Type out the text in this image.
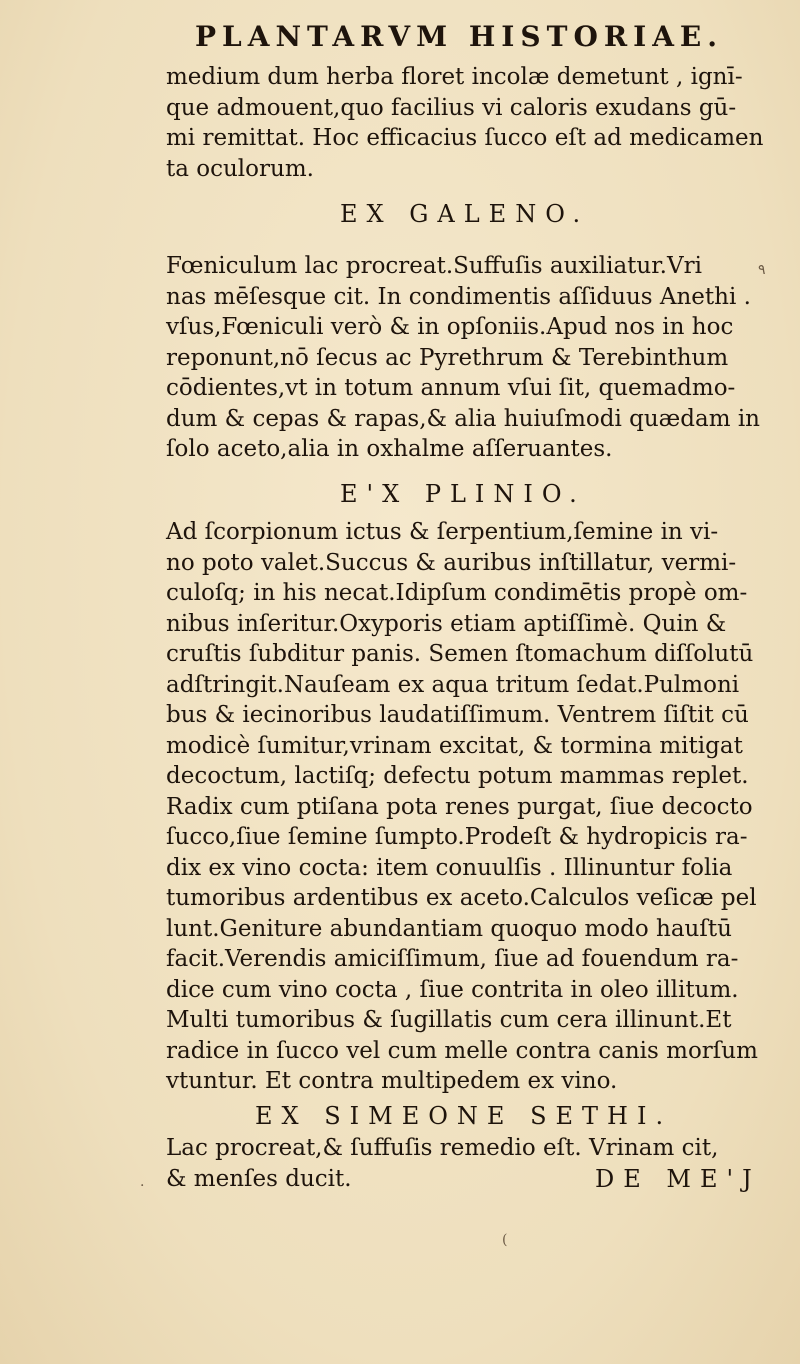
PLANTARVM HISTORIAE.
medium dum herba floret incolæ demetunt , ignī-
que admouent,quo facilius vi caloris exudans gū-
mi remittat. Hoc efficacius ſucco eſt ad medicamen
ta oculorum.
EX GALENO.
Fœniculum lac procreat.Suffuſis auxiliatur.Vri
nas mēſesque cit. In condimentis aſſiduus Anethi .
vſus,Fœniculi verò & in opſoniis.Apud nos in hoc
reponunt,nō ſecus ac Pyrethrum & Terebinthum
cōdientes,vt in totum annum vſui ſit, quemadmo-
dum & cepas & rapas,& alia huiuſmodi quædam in
ſolo aceto,alia in oxhalme aſſeruantes.
E'X PLINIO.
Ad ſcorpionum ictus & ſerpentium,ſemine in vi-
no poto valet.Succus & auribus inſtillatur, vermi-
culoſq; in his necat.Idipſum condimētis propè om-
nibus inſeritur.Oxyporis etiam aptiſſimè. Quin &
cruſtis ſubditur panis. Semen ſtomachum diſſolutū
adſtringit.Nauſeam ex aqua tritum ſedat.Pulmoni
bus & iecinoribus laudatiſſimum. Ventrem ſiſtit cū
modicè ſumitur,vrinam excitat, & tormina mitigat
decoctum, lactiſq; defectu potum mammas replet.
Radix cum ptiſana pota renes purgat, ſiue decocto
ſucco,ſiue ſemine ſumpto.Prodeſt & hydropicis ra-
dix ex vino cocta: item conuulſis . Illinuntur folia
tumoribus ardentibus ex aceto.Calculos veſicæ pel
lunt.Geniture abundantiam quoquo modo hauſtū
facit.Verendis amiciſſimum, ſiue ad fouendum ra-
dice cum vino cocta , ſiue contrita in oleo illitum.
Multi tumoribus & ſugillatis cum cera illinunt.Et
radice in ſucco vel cum melle contra canis morſum
vtuntur. Et contra multipedem ex vino.
EX SIMEONE SETHI.
Lac procreat,& ſuffuſis remedio eſt. Vrinam cit,
& menſes ducit.	DE ME'J
٩
·
(
